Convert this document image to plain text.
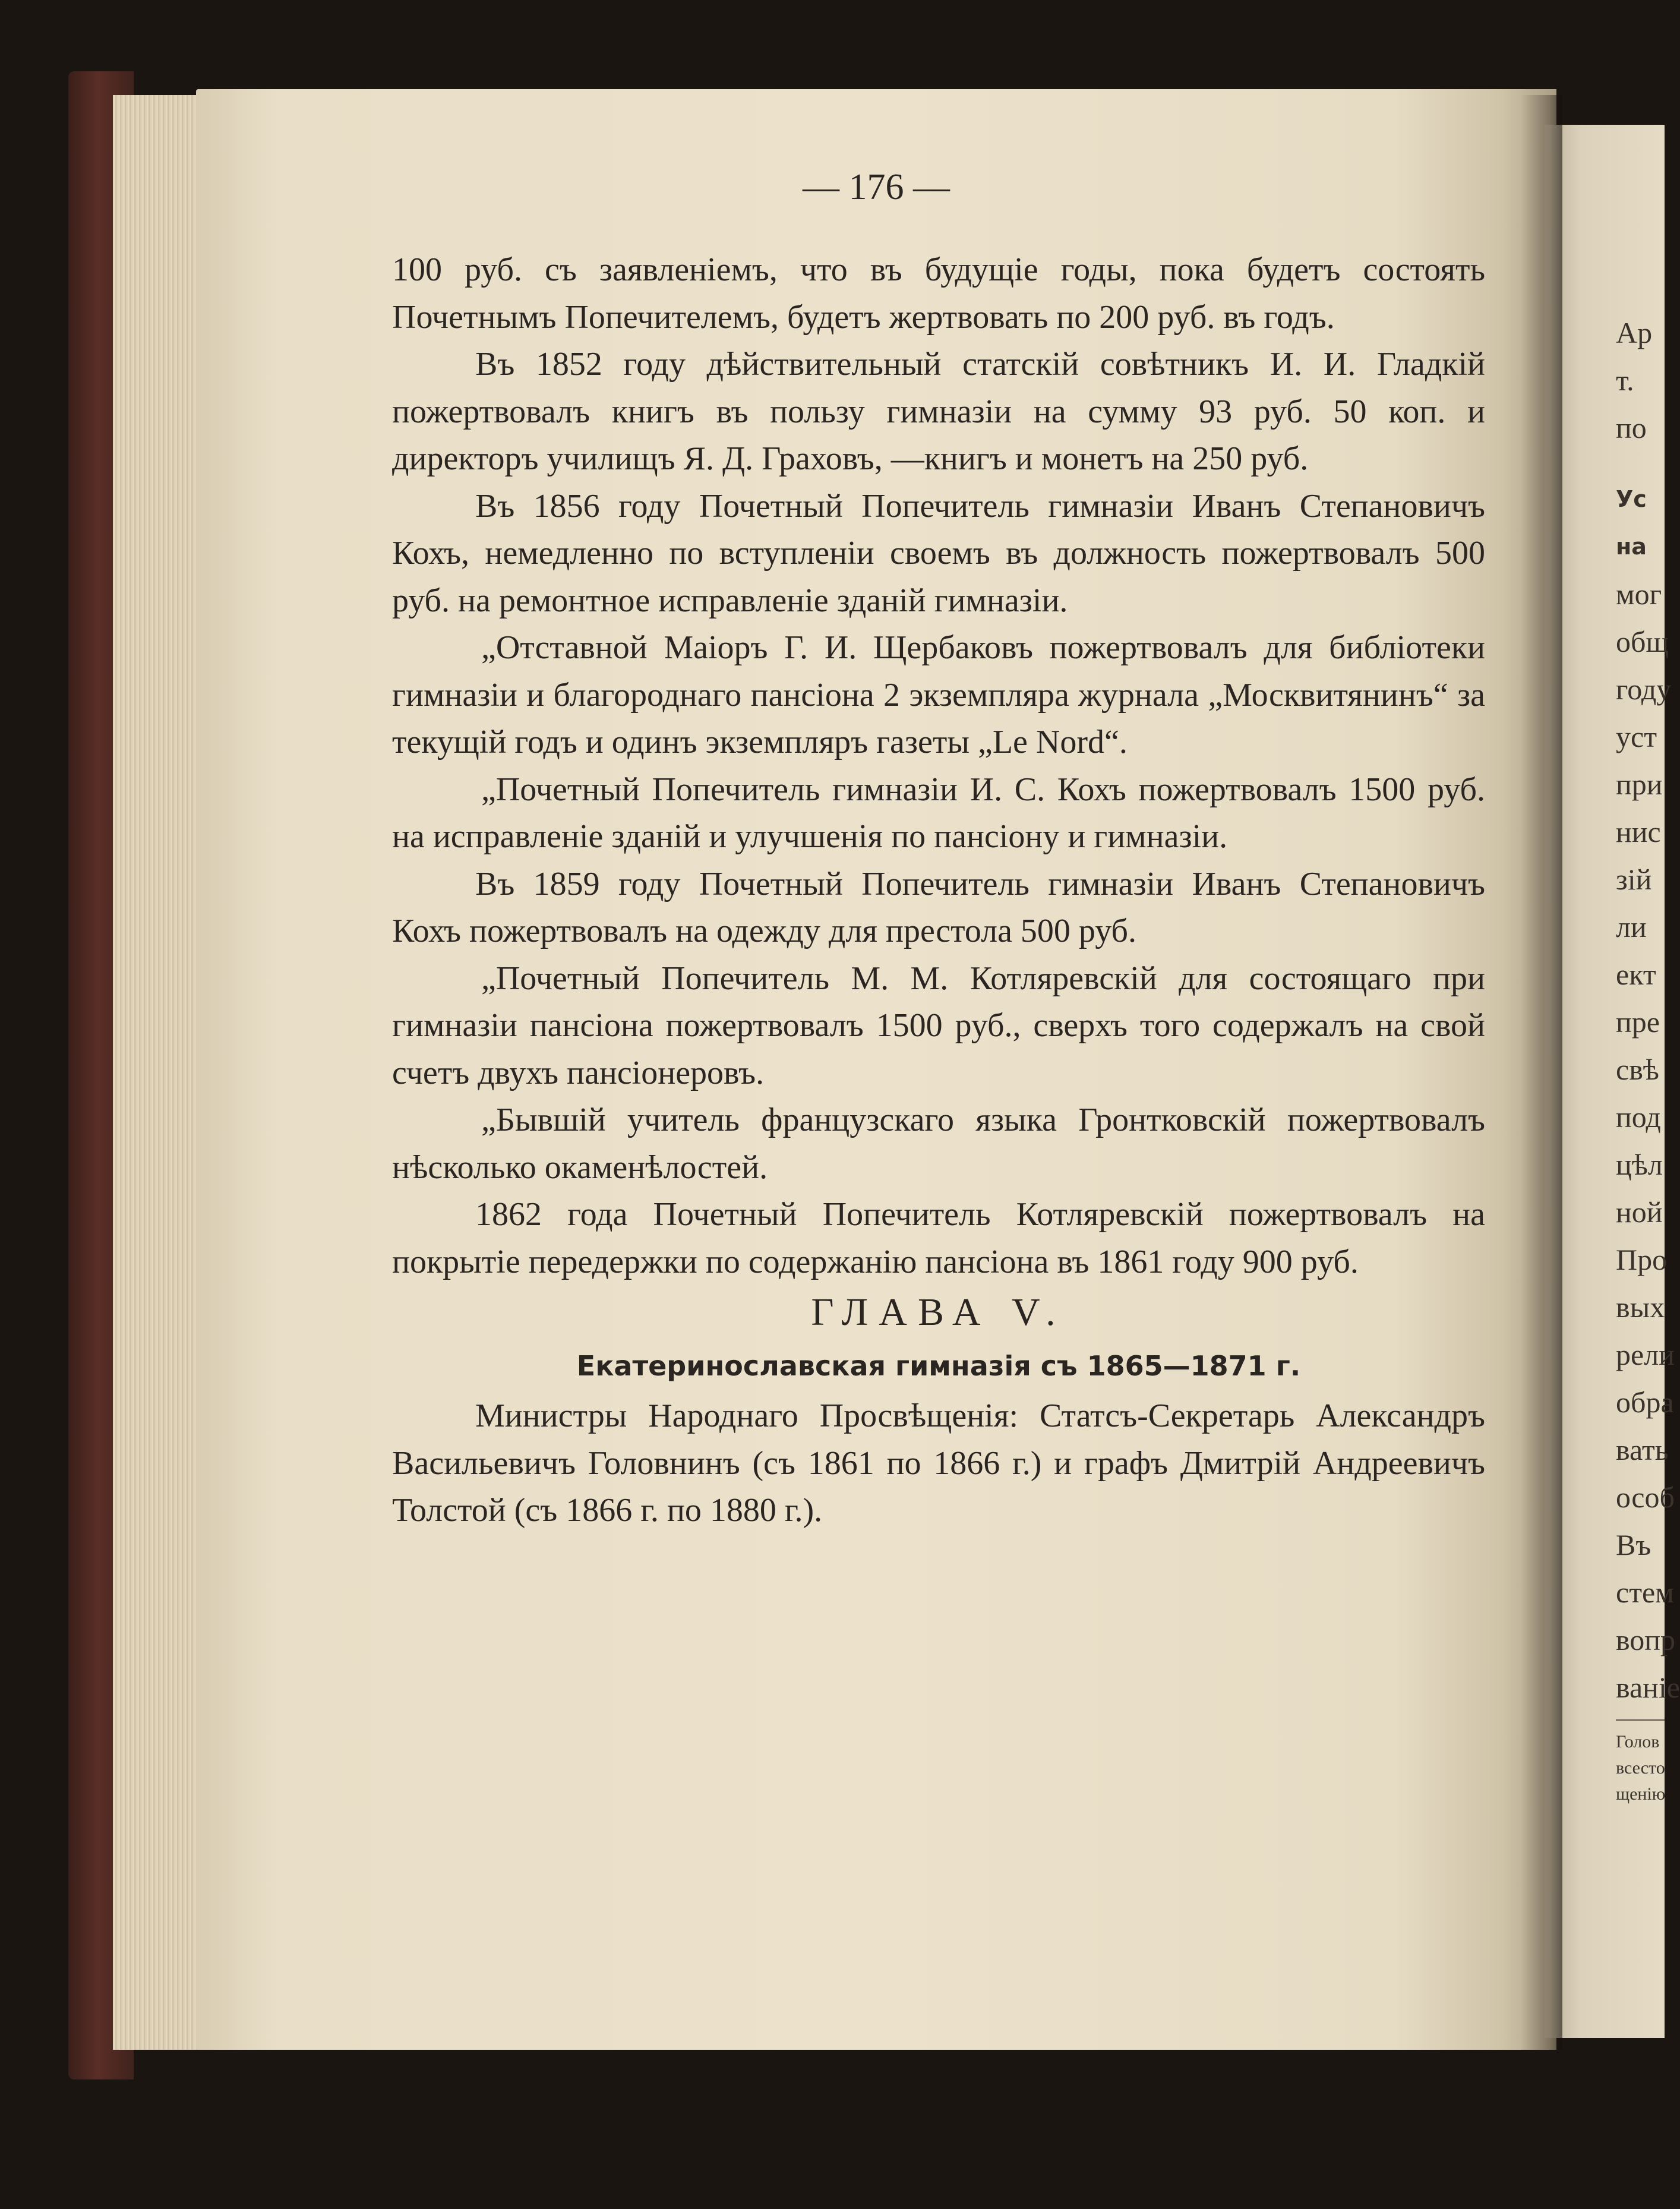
— 176 —

100 руб. съ заявленіемъ, что въ будущіе годы, пока будетъ состоять Почетнымъ Попечителемъ, будетъ жертвовать по 200 руб. въ годъ.

Въ 1852 году дѣйствительный статскій совѣтникъ И. И. Гладкій пожертвовалъ книгъ въ пользу гимназіи на сумму 93 руб. 50 коп. и директоръ училищъ Я. Д. Граховъ, —книгъ и монетъ на 250 руб.

Въ 1856 году Почетный Попечитель гимназіи Иванъ Степановичъ Кохъ, немедленно по вступленіи своемъ въ должность пожертвовалъ 500 руб. на ремонтное исправленіе зданій гимназіи.

„Отставной Маіоръ Г. И. Щербаковъ пожертвовалъ для библіотеки гимназіи и благороднаго пансіона 2 экземпляра журнала „Москвитянинъ“ за текущій годъ и одинъ экземпляръ газеты „Le Nord“.

„Почетный Попечитель гимназіи И. С. Кохъ пожертвовалъ 1500 руб. на исправленіе зданій и улучшенія по пансіону и гимназіи.

Въ 1859 году Почетный Попечитель гимназіи Иванъ Степановичъ Кохъ пожертвовалъ на одежду для престола 500 руб.

„Почетный Попечитель М. М. Котляревскій для состоящаго при гимназіи пансіона пожертвовалъ 1500 руб., сверхъ того содержалъ на свой счетъ двухъ пансіонеровъ.

„Бывшій учитель французскаго языка Гронтковскій пожертвовалъ нѣсколько окаменѣлостей.

1862 года Почетный Попечитель Котляревскій пожертвовалъ на покрытіе передержки по содержанію пансіона въ 1861 году 900 руб.

ГЛАВА V.

Екатеринославская гимназія съ 1865—1871 г.

Министры Народнаго Просвѣщенія: Статсъ-Секретарь Александръ Васильевичъ Головнинъ (съ 1861 по 1866 г.) и графъ Дмитрій Андреевичъ Толстой (съ 1866 г. по 1880 г.).

Ар
т.
по
Ус
на
мог
общ
году
уст
при
нис
зій
ли
ект
пре
свѣ
под
цѣл
ной
Про
вых
рели
обра
вать
особ
Въ
стем
вопр
ваніе
Голов
всесто
щенію
